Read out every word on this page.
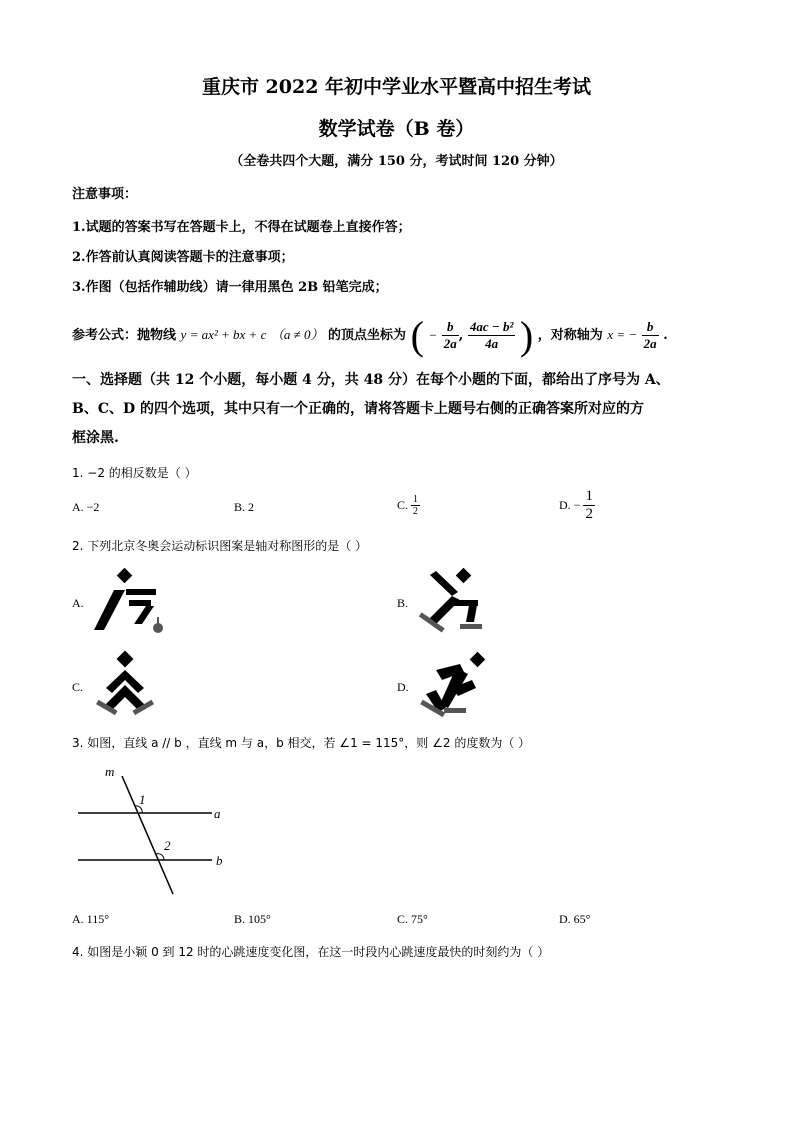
重庆市 2022 年初中学业水平暨高中招生考试
数学试卷（B 卷）
（全卷共四个大题，满分 150 分，考试时间 120 分钟）
注意事项：
1.试题的答案书写在答题卡上，不得在试题卷上直接作答；
2.作答前认真阅读答题卡的注意事项；
3.作图（包括作辅助线）请一律用黑色 2B 铅笔完成；
参考公式：抛物线 y = ax² + bx + c （a ≠ 0） 的顶点坐标为 ( − $\frac{b}{2a}$ , $\frac{\text{4ac − b²}}{4a}$ ) ，对称轴为 x = − $\frac{b}{2a}$ .
一、选择题（共 12 个小题，每小题 4 分，共 48 分）在每个小题的下面，都给出了序号为 A、
B、C、D 的四个选项，其中只有一个正确的，请将答题卡上题号右侧的正确答案所对应的方
框涂黑.
1. −2 的相反数是（ ）
A. −2	B. 2	C. $\frac{1}{2}$	D. − $\frac{1}{2}$
2. 下列北京冬奥会运动标识图案是轴对称图形的是（ ）
A.	B.
C.	D.
3. 如图，直线 a // b ，直线 m 与 a，b 相交，若 ∠1 = 115°，则 ∠2 的度数为（ ）
m
1
2
a
b
A. 115°	B. 105°	C. 75°	D. 65°
4. 如图是小颖 0 到 12 时的心跳速度变化图，在这一时段内心跳速度最快的时刻约为（ ）
